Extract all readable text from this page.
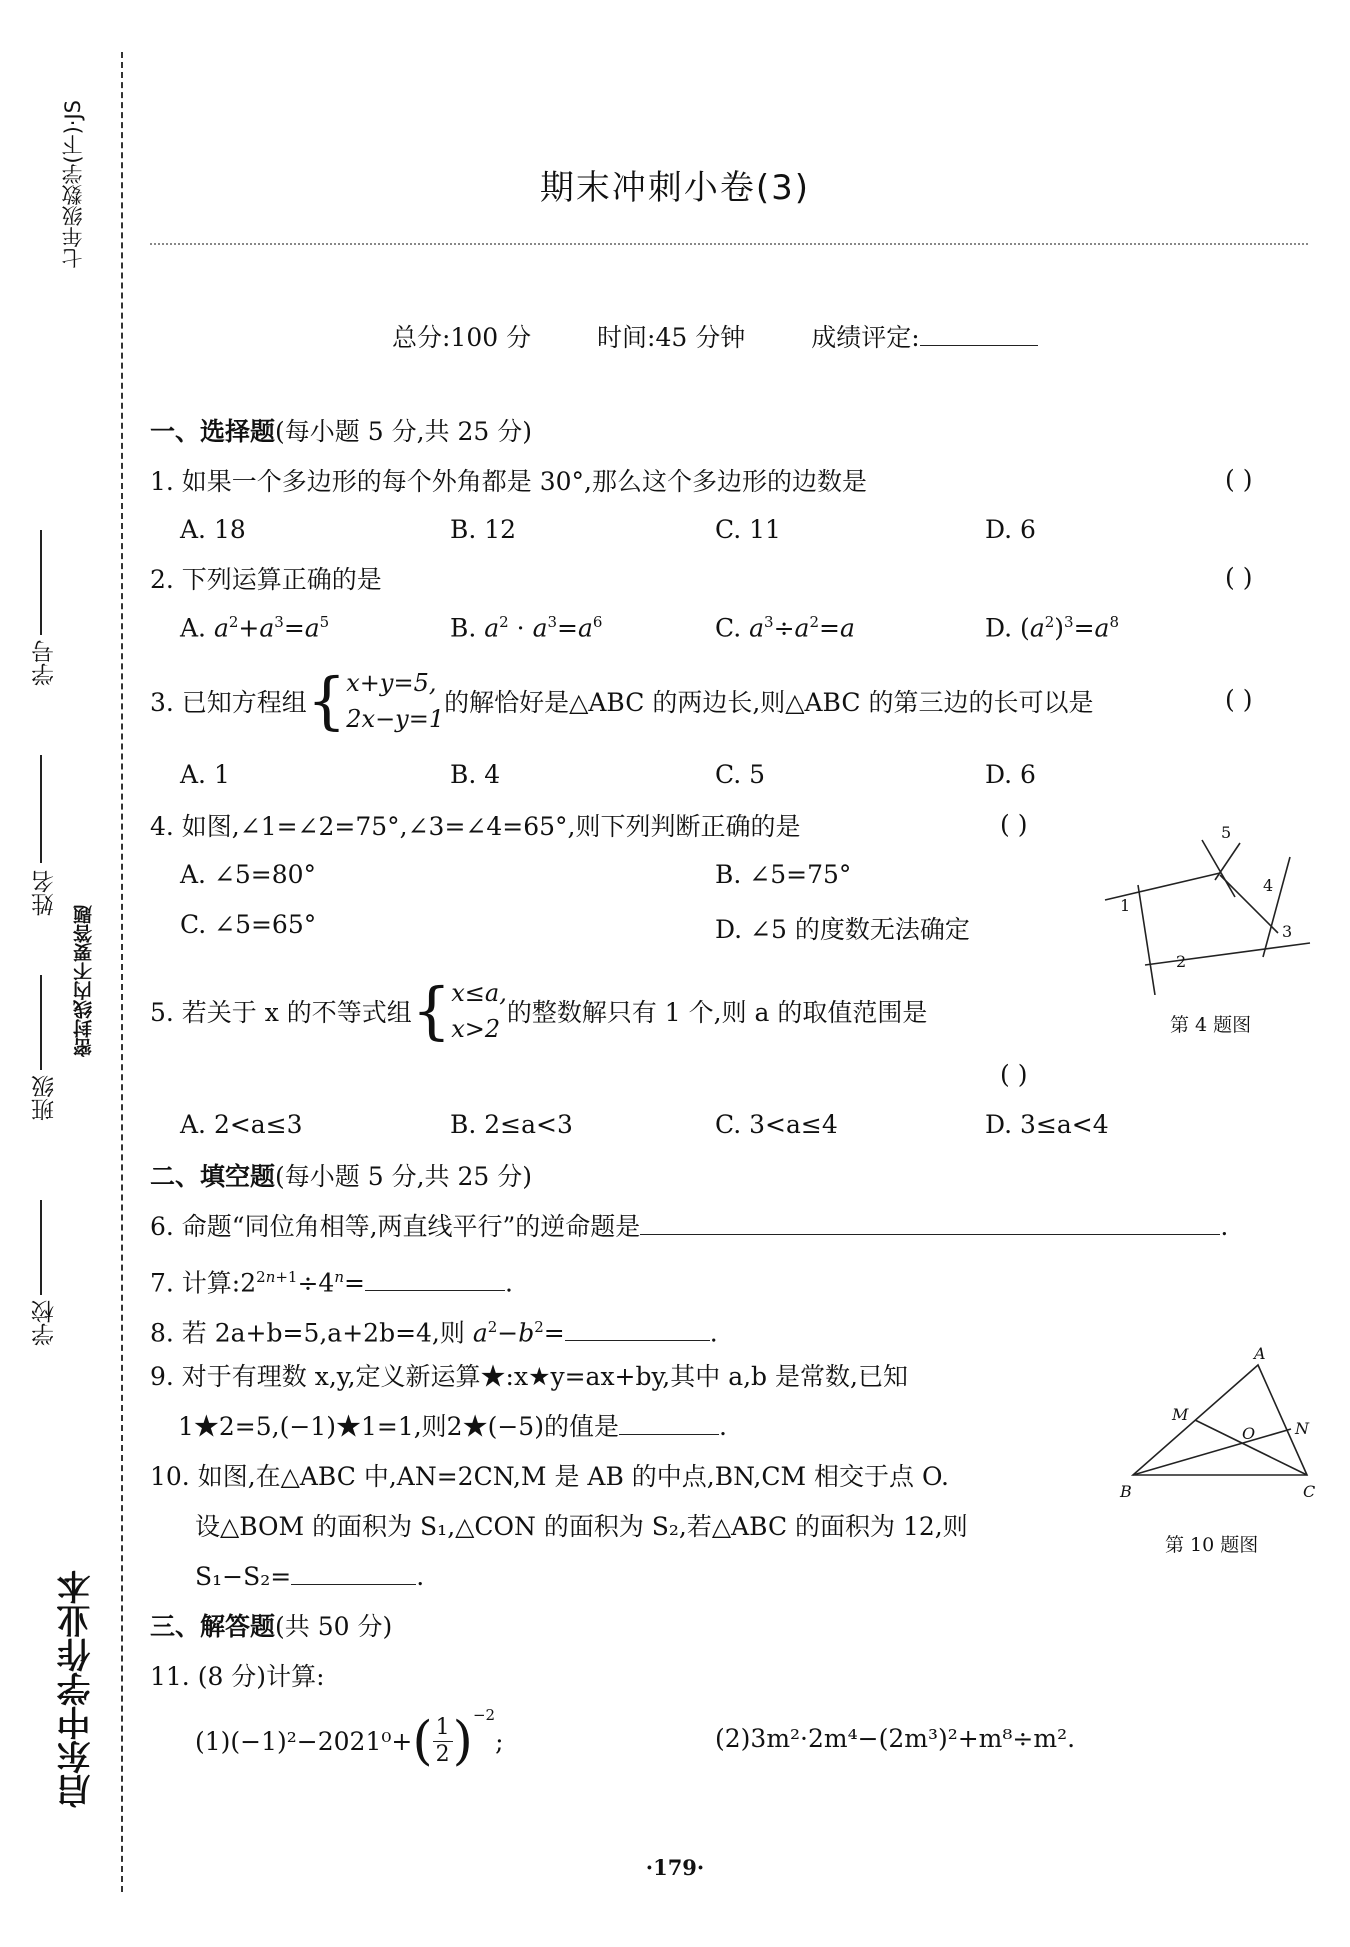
七年级数学(下)·JS
学号
姓名
密封线内不要答题
班级
学校
启东中学作业本
期末冲刺小卷(3)
总分:100 分	时间:45 分钟	成绩评定:
一、选择题(每小题 5 分,共 25 分)
1. 如果一个多边形的每个外角都是 30°,那么这个多边形的边数是	( )
A. 18	B. 12	C. 11	D. 6
2. 下列运算正确的是	( )
A. $a^2+a^3=a^5$	B. $a^2 \cdot a^3=a^6$	C. $a^3\div a^2=a$	D. $(a^2)^3=a^8$
3. 已知方程组{x+y=5,
2x−y=1的解恰好是△ABC 的两边长,则△ABC 的第三边的长可以是	( )
A. 1	B. 4	C. 5	D. 6
4. 如图,∠1=∠2=75°,∠3=∠4=65°,则下列判断正确的是	( )
A. ∠5=80°	B. ∠5=75°
C. ∠5=65°	D. ∠5 的度数无法确定
1
2
3
4
5
第 4 题图
5. 若关于 x 的不等式组{x≤a,
x>2的整数解只有 1 个,则 a 的取值范围是
( )
A. 2<a≤3	B. 2≤a<3	C. 3<a≤4	D. 3≤a<4
二、填空题(每小题 5 分,共 25 分)
6. 命题“同位角相等,两直线平行”的逆命题是	.
7. 计算$:2^{2n+1}\div 4^n=$	.
8. 若 2a+b=5,a+2b=4,则 $a^2-b^2=$	.
9. 对于有理数 x,y,定义新运算★:x★y=ax+by,其中 a,b 是常数,已知
1★2=5,(−1)★1=1,则2★(−5)的值是	.
10. 如图,在△ABC 中,AN=2CN,M 是 AB 的中点,BN,CM 相交于点 O.
设△BOM 的面积为 S₁,△CON 的面积为 S₂,若△ABC 的面积为 12,则
S₁−S₂=	.
A
M
O N
B	C
第 10 题图
三、解答题(共 50 分)
11. (8 分)计算:
$(1)(-1)^2-2021^0+( \frac{1}{2} )^{-2}$;	(2)3m²·2m⁴−(2m³)²+m⁸÷m².
·179·
